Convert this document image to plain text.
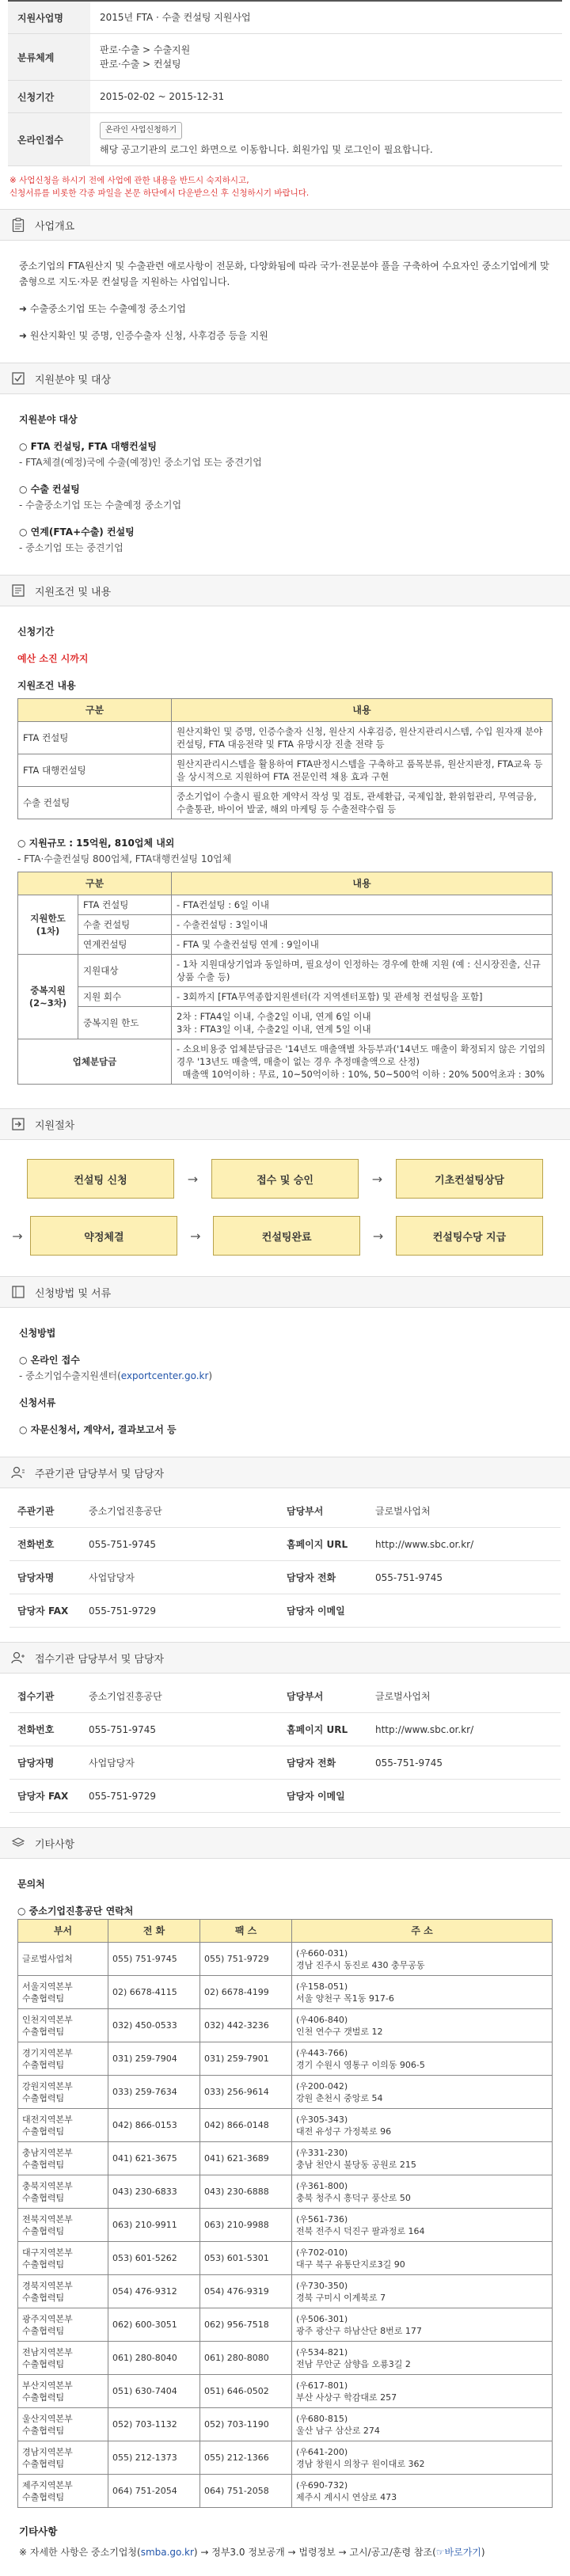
지원사업명	2015년 FTA · 수출 컨설팅 지원사업
분류체계	판로·수출 > 수출지원
판로·수출 > 컨설팅

신청기간	2015-02-02 ~ 2015-12-31
온라인접수	온라인 사업신청하기
해당 공고기관의 로그인 화면으로 이동합니다. 회원가입 및 로그인이 필요합니다.
※ 사업신청을 하시기 전에 사업에 관한 내용을 반드시 숙지하시고,
신청서류를 비롯한 각종 파일을 본문 하단에서 다운받으신 후 신청하시기 바랍니다.
사업개요

중소기업의 FTA원산지 및 수출관련 애로사항이 전문화, 다양화됨에 따라 국가·전문분야 풀을 구축하여 수요자인 중소기업에게 맞춤형으로 지도·자문 컨설팅을 지원하는 사업입니다.

➜ 수출중소기업 또는 수출예정 중소기업

➜ 원산지확인 및 증명, 인증수출자 신청, 사후검증 등을 지원

지원분야 및 대상

지원분야 대상

○ FTA 컨설팅, FTA 대행컨설팅

- FTA체결(예정)국에 수출(예정)인 중소기업 또는 중견기업

○ 수출 컨설팅

- 수출중소기업 또는 수출예정 중소기업

○ 연계(FTA+수출) 컨설팅

- 중소기업 또는 중견기업

지원조건 및 내용

신청기간

예산 소진 시까지

지원조건 내용

구분	내용
FTA 컨설팅	원산지확인 및 증명, 인증수출자 신청, 원산지 사후검증, 원산지관리시스템, 수입 원자재 분야 컨설팅, FTA 대응전략 및 FTA 유망시장 진출 전략 등
FTA 대행컨설팅	원산지관리시스템을 활용하여 FTA판정시스템을 구축하고 품목분류, 원산지판정, FTA교육 등을 상시적으로 지원하여 FTA 전문인력 채용 효과 구현
수출 컨설팅	중소기업이 수출시 필요한 계약서 작성 및 검토, 관세환급, 국제입찰, 환위험관리, 무역금융, 수출통관, 바이어 발굴, 해외 마케팅 등 수출전략수립 등

○ 지원규모 : 15억원, 810업체 내외

- FTA·수출컨설팅 800업체, FTA대행컨설팅 10업체

구분		내용
지원한도
(1차)	FTA 컨설팅	- FTA컨설팅 : 6일 이내
	수출 컨설팅	- 수출컨설팅 : 3일이내
	연계컨설팅	- FTA 및 수출컨설팅 연계 : 9일이내
중복지원
(2~3차)	지원대상	- 1차 지원대상기업과 동일하며, 필요성이 인정하는 경우에 한해 지원 (예 : 신시장진출, 신규상품 수출 등)
	지원 회수	- 3회까지 [FTA무역종합지원센터(각 지역센터포함) 및 관세청 컨설팅을 포함]
	중복지원 한도	2차 : FTA4일 이내, 수출2일 이내, 연계 6일 이내
3차 : FTA3일 이내, 수출2일 이내, 연계 5일 이내
업체분담금		- 소요비용중 업체분담금은 '14년도 매출액별 차등부과('14년도 매출이 확정되지 않은 기업의 경우 '13년도 매출액, 매출이 없는 경우 추정매출액으로 산정)
매출액 10억이하 : 무료, 10~50억이하 : 10%, 50~500억 이하 : 20% 500억초과 : 30%
지원절차
컨설팅 신청	→	접수 및 승인	→	기초컨설팅상담
→	약정체결	→	컨설팅완료	→	컨설팅수당 지급
신청방법 및 서류

신청방법

○ 온라인 접수

- 중소기업수출지원센터(exportcenter.go.kr)

신청서류

○ 자문신청서, 계약서, 결과보고서 등

주관기관 담당부서 및 담당자
주관기관	중소기업진흥공단	담당부서	글로벌사업처
전화번호	055-751-9745	홈페이지 URL	http://www.sbc.or.kr/
담당자명	사업담당자	담당자 전화	055-751-9745
담당자 FAX	055-751-9729	담당자 이메일	
접수기관 담당부서 및 담당자
접수기관	중소기업진흥공단	담당부서	글로벌사업처
전화번호	055-751-9745	홈페이지 URL	http://www.sbc.or.kr/
담당자명	사업담당자	담당자 전화	055-751-9745
담당자 FAX	055-751-9729	담당자 이메일	
기타사항

문의처

○ 중소기업진흥공단 연락처

부서	전 화	팩 스	주 소
글로벌사업처	055) 751-9745	055) 751-9729	(우660-031)
경남 진주시 동진로 430 충무공동
서울지역본부
수출협력팀	02) 6678-4115	02) 6678-4199	(우158-051)
서울 양천구 목1동 917-6
인천지역본부
수출협력팀	032) 450-0533	032) 442-3236	(우406-840)
인천 연수구 갯벌로 12
경기지역본부
수출협력팀	031) 259-7904	031) 259-7901	(우443-766)
경기 수원시 영통구 이의동 906-5
강원지역본부
수출협력팀	033) 259-7634	033) 256-9614	(우200-042)
강원 춘천시 중앙로 54
대전지역본부
수출협력팀	042) 866-0153	042) 866-0148	(우305-343)
대전 유성구 가정북로 96
충남지역본부
수출협력팀	041) 621-3675	041) 621-3689	(우331-230)
충남 천안시 불당동 공원로 215
충북지역본부
수출협력팀	043) 230-6833	043) 230-6888	(우361-800)
충북 청주시 흥덕구 풍산로 50
전북지역본부
수출협력팀	063) 210-9911	063) 210-9988	(우561-736)
전북 전주시 덕진구 팔과정로 164
대구지역본부
수출협력팀	053) 601-5262	053) 601-5301	(우702-010)
대구 북구 유통단지로3길 90
경북지역본부
수출협력팀	054) 476-9312	054) 476-9319	(우730-350)
경북 구미시 이계북로 7
광주지역본부
수출협력팀	062) 600-3051	062) 956-7518	(우506-301)
광주 광산구 하남산단 8번로 177
전남지역본부
수출협력팀	061) 280-8040	061) 280-8080	(우534-821)
전남 무안군 삼향읍 오룡3길 2
부산지역본부
수출협력팀	051) 630-7404	051) 646-0502	(우617-801)
부산 사상구 학감대로 257
울산지역본부
수출협력팀	052) 703-1132	052) 703-1190	(우680-815)
울산 남구 삼산로 274
경남지역본부
수출협력팀	055) 212-1373	055) 212-1366	(우641-200)
경남 창원시 의창구 원이대로 362
제주지역본부
수출협력팀	064) 751-2054	064) 751-2058	(우690-732)
제주시 계시시 연삼로 473

기타사항

※ 자세한 사항은 중소기업청(smba.go.kr) → 정부3.0 정보공개 → 법령정보 → 고시/공고/훈령 참조(☞바로가기)
